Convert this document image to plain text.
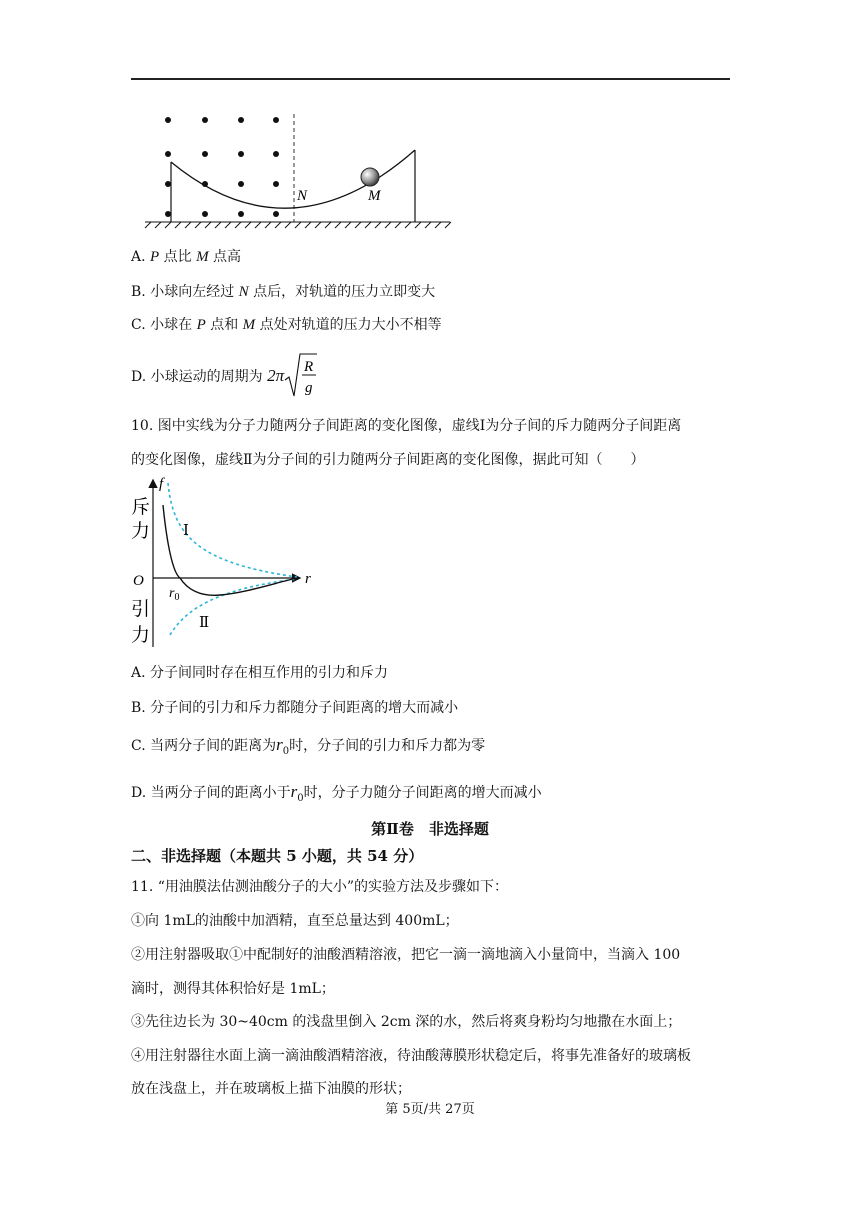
N	M
A. P 点比 M 点高
B. 小球向左经过 N 点后，对轨道的压力立即变大
C. 小球在 P 点和 M 点处对轨道的压力大小不相等
D. 小球运动的周期为 2π R
g
10. 图中实线为分子力随两分子间距离的变化图像，虚线Ⅰ为分子间的斥力随两分子间距离
的变化图像，虚线Ⅱ为分子间的引力随两分子间距离的变化图像，据此可知（　　）
f
r
O
$r_0$
Ⅰ
Ⅱ
斥
力
引
力
A. 分子间同时存在相互作用的引力和斥力
B. 分子间的引力和斥力都随分子间距离的增大而减小
C. 当两分子间的距离为$r_0$时，分子间的引力和斥力都为零
D. 当两分子间的距离小于$r_0$时，分子力随分子间距离的增大而减小
第Ⅱ卷　非选择题
二、非选择题（本题共 5 小题，共 54 分）
11. “用油膜法估测油酸分子的大小”的实验方法及步骤如下：
①向 1mL的油酸中加酒精，直至总量达到 400mL；
②用注射器吸取①中配制好的油酸酒精溶液，把它一滴一滴地滴入小量筒中，当滴入 100
滴时，测得其体积恰好是 1mL；
③先往边长为 30~40cm 的浅盘里倒入 2cm 深的水，然后将爽身粉均匀地撒在水面上；
④用注射器往水面上滴一滴油酸酒精溶液，待油酸薄膜形状稳定后，将事先准备好的玻璃板
放在浅盘上，并在玻璃板上描下油膜的形状；
第 5页/共 27页
